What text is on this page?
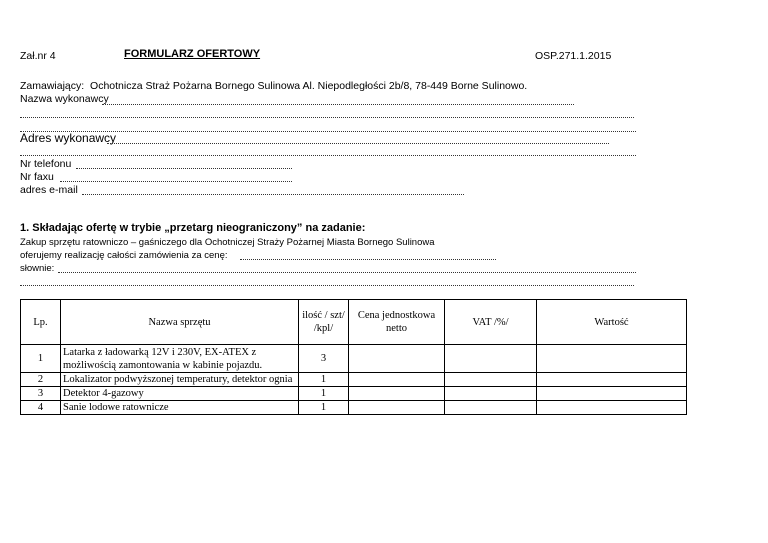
Zał.nr 4	FORMULARZ OFERTOWY	OSP.271.1.2015
Zamawiający: Ochotnicza Straż Pożarna Bornego Sulinowa Al. Niepodległości 2b/8, 78-449 Borne Sulinowo.
Nazwa wykonawcy
Adres wykonawcy
Nr telefonu
Nr faxu
adres e-mail
1. Składając ofertę w trybie „przetarg nieograniczony” na zadanie:
Zakup sprzętu ratowniczo – gaśniczego dla Ochotniczej Straży Pożarnej Miasta Bornego Sulinowa
oferujemy realizację całości zamówienia za cenę:
słownie:
Lp.	Nazwa sprzętu	ilość / szt/ /kpl/	Cena jednostkowa netto	VAT /%/	Wartość
1	Latarka z ładowarką 12V i 230V, EX-ATEX z możliwością zamontowania w kabinie pojazdu.	3			
2	Lokalizator podwyższonej temperatury, detektor ognia	1			
3	Detektor 4-gazowy	1			
4	Sanie lodowe ratownicze	1			
